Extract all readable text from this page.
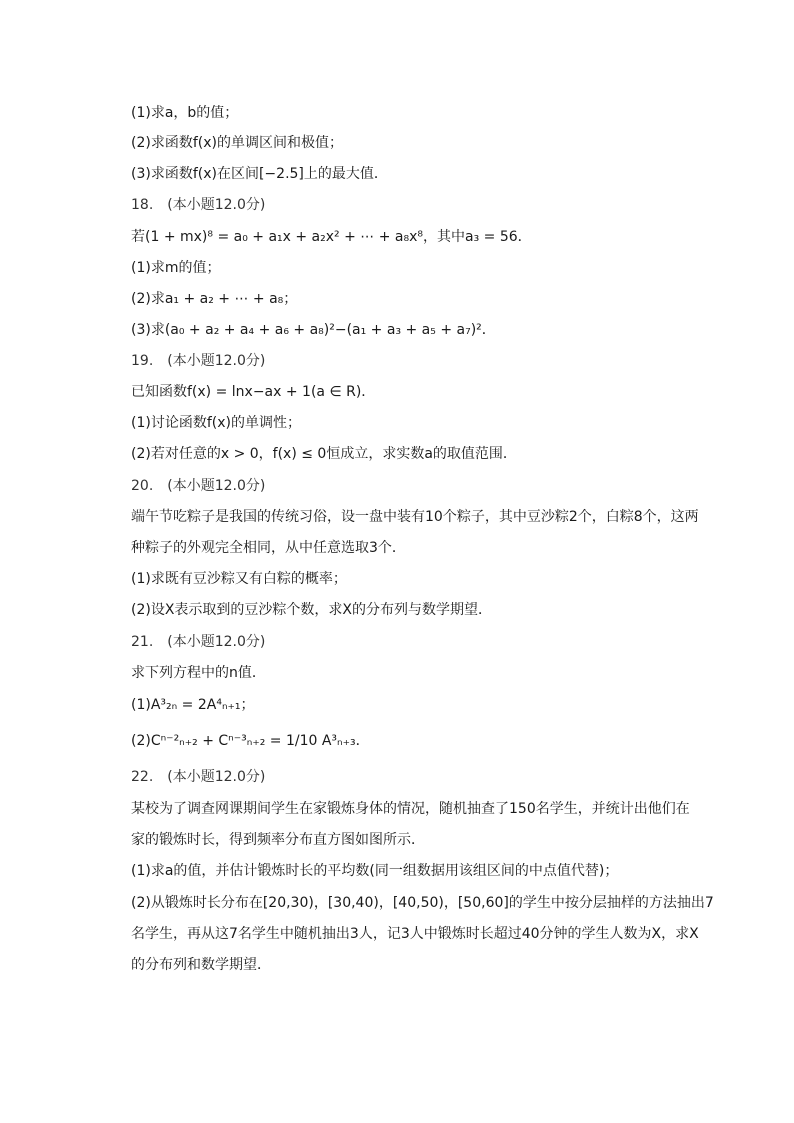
(1)求a，b的值；
(2)求函数f(x)的单调区间和极值；
(3)求函数f(x)在区间[−2.5]上的最大值．
18.　(本小题12.0分)
若(1 + mx)⁸ = a₀ + a₁x + a₂x² + ⋯ + a₈x⁸，其中a₃ = 56．
(1)求m的值；
(2)求a₁ + a₂ + ⋯ + a₈；
(3)求(a₀ + a₂ + a₄ + a₆ + a₈)²−(a₁ + a₃ + a₅ + a₇)²．
19.　(本小题12.0分)
已知函数f(x) = lnx−ax + 1(a ∈ R)．
(1)讨论函数f(x)的单调性；
(2)若对任意的x > 0，f(x) ≤ 0恒成立，求实数a的取值范围．
20.　(本小题12.0分)
端午节吃粽子是我国的传统习俗，设一盘中装有10个粽子，其中豆沙粽2个，白粽8个，这两
种粽子的外观完全相同，从中任意选取3个．
(1)求既有豆沙粽又有白粽的概率；
(2)设X表示取到的豆沙粽个数，求X的分布列与数学期望．
21.　(本小题12.0分)
求下列方程中的n值．
(1)A³₂ₙ = 2A⁴ₙ₊₁；
(2)Cⁿ⁻²ₙ₊₂ + Cⁿ⁻³ₙ₊₂ = 1/10 A³ₙ₊₃．
22.　(本小题12.0分)
某校为了调查网课期间学生在家锻炼身体的情况，随机抽查了150名学生，并统计出他们在
家的锻炼时长，得到频率分布直方图如图所示．
(1)求a的值，并估计锻炼时长的平均数(同一组数据用该组区间的中点值代替)；
(2)从锻炼时长分布在[20,30)，[30,40)，[40,50)，[50,60]的学生中按分层抽样的方法抽出7
名学生，再从这7名学生中随机抽出3人，记3人中锻炼时长超过40分钟的学生人数为X，求X
的分布列和数学期望．
